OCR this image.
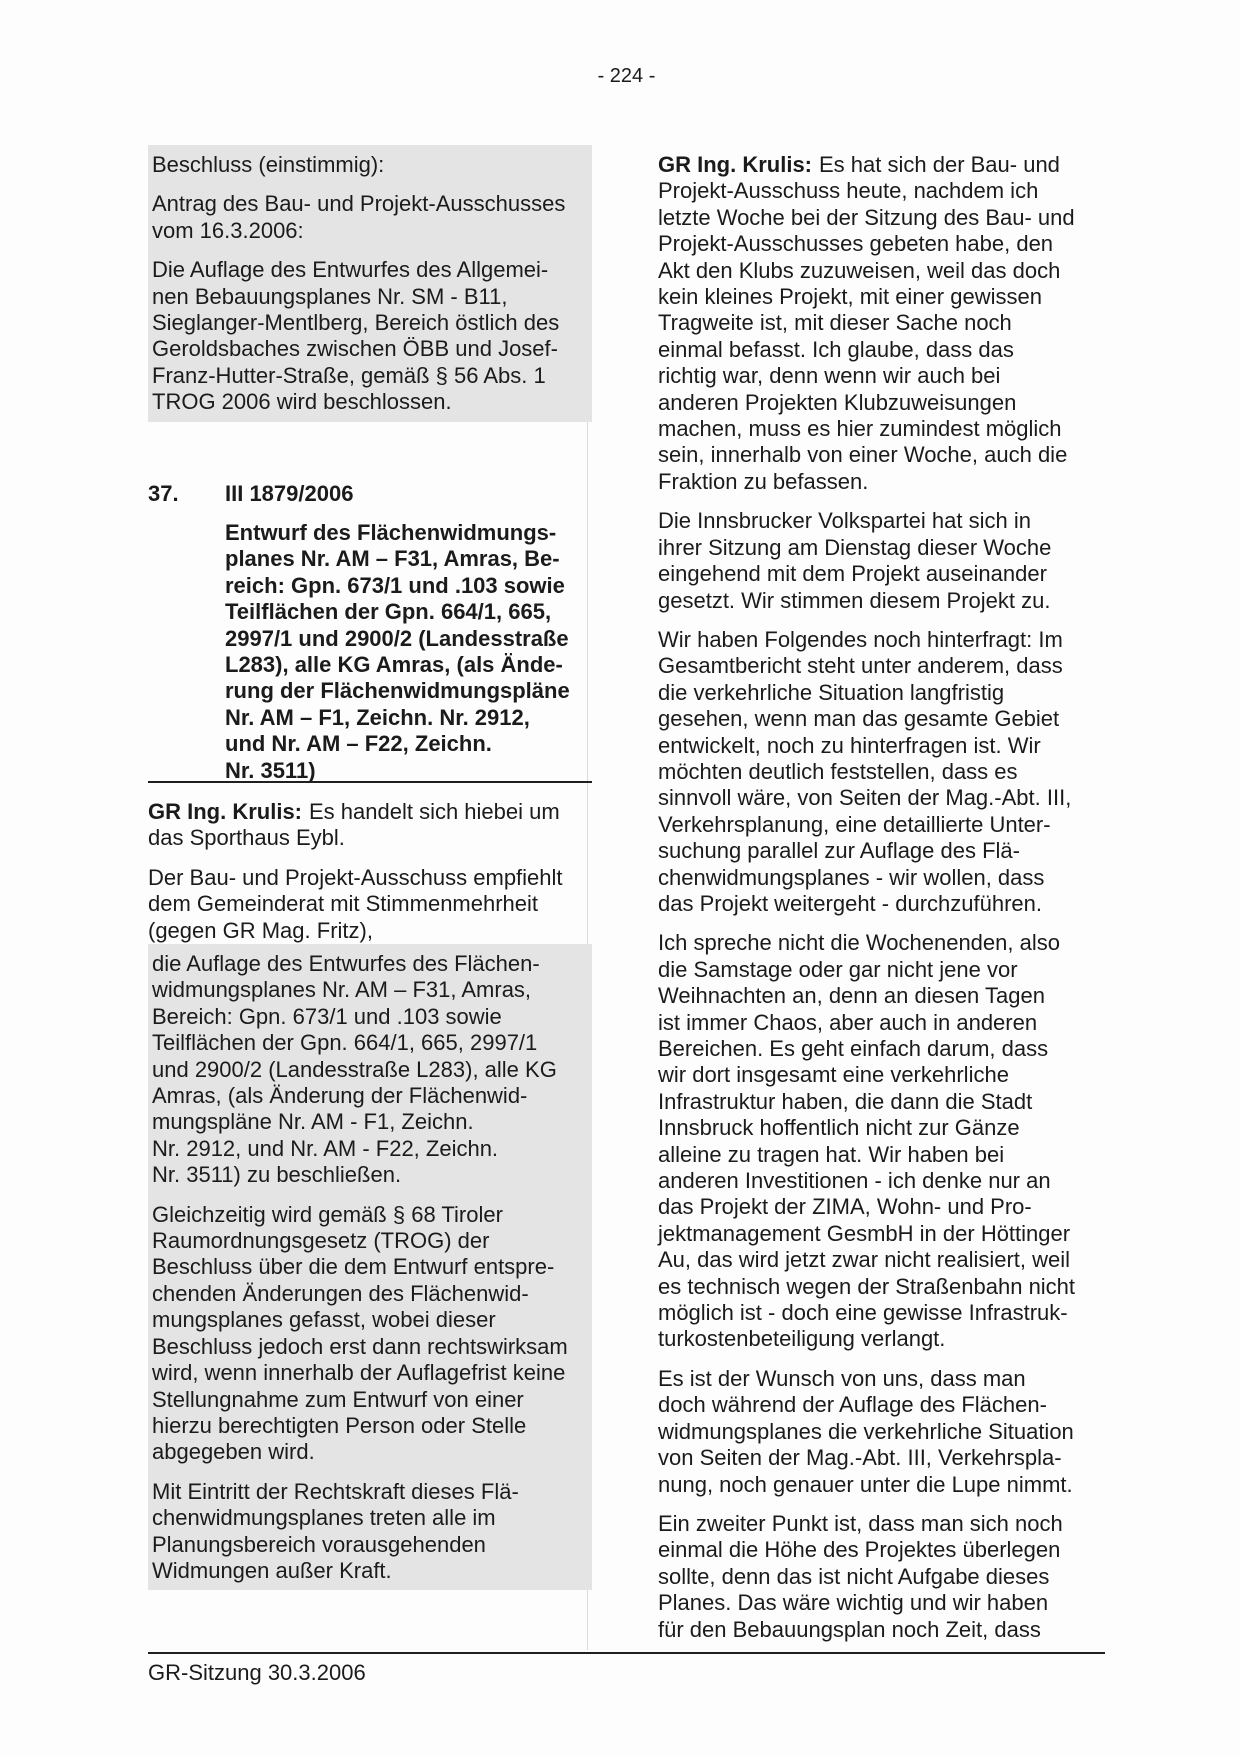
- 224 -

Beschluss (einstimmig):

Antrag des Bau- und Projekt-Ausschusses
vom 16.3.2006:

Die Auflage des Entwurfes des Allgemei-
nen Bebauungsplanes Nr. SM - B11,
Sieglanger-Mentlberg, Bereich östlich des
Geroldsbaches zwischen ÖBB und Josef-
Franz-Hutter-Straße, gemäß § 56 Abs. 1
TROG 2006 wird beschlossen.

37.	III 1879/2006

Entwurf des Flächenwidmungs-
planes Nr. AM – F31, Amras, Be-
reich: Gpn. 673/1 und .103 sowie
Teilflächen der Gpn. 664/1, 665,
2997/1 und 2900/2 (Landesstraße
L283), alle KG Amras, (als Ände-
rung der Flächenwidmungspläne
Nr. AM – F1, Zeichn. Nr. 2912,
und Nr. AM – F22, Zeichn.
Nr. 3511)

GR Ing. Krulis: Es handelt sich hiebei um
das Sporthaus Eybl.

Der Bau- und Projekt-Ausschuss empfiehlt
dem Gemeinderat mit Stimmenmehrheit
(gegen GR Mag. Fritz),

die Auflage des Entwurfes des Flächen-
widmungsplanes Nr. AM – F31, Amras,
Bereich: Gpn. 673/1 und .103 sowie
Teilflächen der Gpn. 664/1, 665, 2997/1
und 2900/2 (Landesstraße L283), alle KG
Amras, (als Änderung der Flächenwid-
mungspläne Nr. AM - F1, Zeichn.
Nr. 2912, und Nr. AM - F22, Zeichn.
Nr. 3511) zu beschließen.

Gleichzeitig wird gemäß § 68 Tiroler
Raumordnungsgesetz (TROG) der
Beschluss über die dem Entwurf entspre-
chenden Änderungen des Flächenwid-
mungsplanes gefasst, wobei dieser
Beschluss jedoch erst dann rechtswirksam
wird, wenn innerhalb der Auflagefrist keine
Stellungnahme zum Entwurf von einer
hierzu berechtigten Person oder Stelle
abgegeben wird.

Mit Eintritt der Rechtskraft dieses Flä-
chenwidmungsplanes treten alle im
Planungsbereich vorausgehenden
Widmungen außer Kraft.

GR Ing. Krulis: Es hat sich der Bau- und
Projekt-Ausschuss heute, nachdem ich
letzte Woche bei der Sitzung des Bau- und
Projekt-Ausschusses gebeten habe, den
Akt den Klubs zuzuweisen, weil das doch
kein kleines Projekt, mit einer gewissen
Tragweite ist, mit dieser Sache noch
einmal befasst. Ich glaube, dass das
richtig war, denn wenn wir auch bei
anderen Projekten Klubzuweisungen
machen, muss es hier zumindest möglich
sein, innerhalb von einer Woche, auch die
Fraktion zu befassen.

Die Innsbrucker Volkspartei hat sich in
ihrer Sitzung am Dienstag dieser Woche
eingehend mit dem Projekt auseinander
gesetzt. Wir stimmen diesem Projekt zu.

Wir haben Folgendes noch hinterfragt: Im
Gesamtbericht steht unter anderem, dass
die verkehrliche Situation langfristig
gesehen, wenn man das gesamte Gebiet
entwickelt, noch zu hinterfragen ist. Wir
möchten deutlich feststellen, dass es
sinnvoll wäre, von Seiten der Mag.-Abt. III,
Verkehrsplanung, eine detaillierte Unter-
suchung parallel zur Auflage des Flä-
chenwidmungsplanes - wir wollen, dass
das Projekt weitergeht - durchzuführen.

Ich spreche nicht die Wochenenden, also
die Samstage oder gar nicht jene vor
Weihnachten an, denn an diesen Tagen
ist immer Chaos, aber auch in anderen
Bereichen. Es geht einfach darum, dass
wir dort insgesamt eine verkehrliche
Infrastruktur haben, die dann die Stadt
Innsbruck hoffentlich nicht zur Gänze
alleine zu tragen hat. Wir haben bei
anderen Investitionen - ich denke nur an
das Projekt der ZIMA, Wohn- und Pro-
jektmanagement GesmbH in der Höttinger
Au, das wird jetzt zwar nicht realisiert, weil
es technisch wegen der Straßenbahn nicht
möglich ist - doch eine gewisse Infrastruk-
turkostenbeteiligung verlangt.

Es ist der Wunsch von uns, dass man
doch während der Auflage des Flächen-
widmungsplanes die verkehrliche Situation
von Seiten der Mag.-Abt. III, Verkehrspla-
nung, noch genauer unter die Lupe nimmt.

Ein zweiter Punkt ist, dass man sich noch
einmal die Höhe des Projektes überlegen
sollte, denn das ist nicht Aufgabe dieses
Planes. Das wäre wichtig und wir haben
für den Bebauungsplan noch Zeit, dass

GR-Sitzung 30.3.2006
